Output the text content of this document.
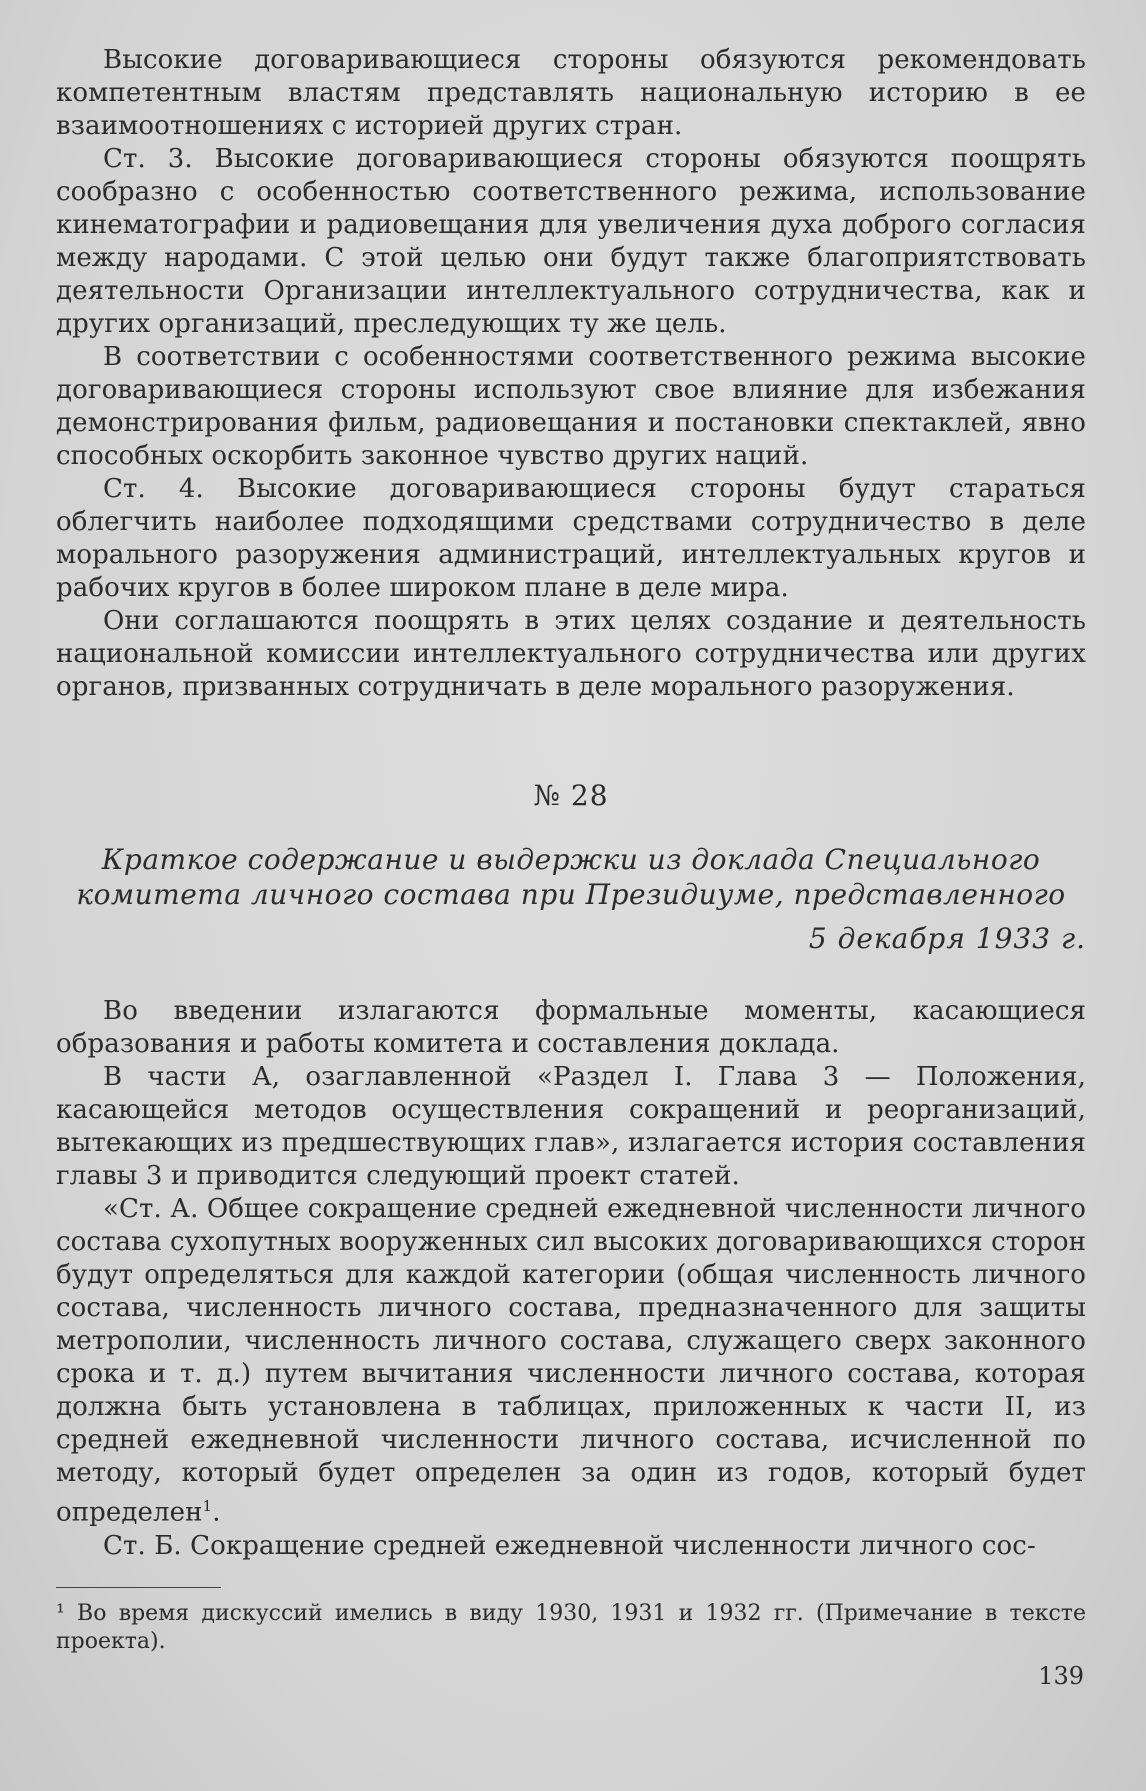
Высокие договаривающиеся стороны обязуются рекомендовать компетентным властям представлять национальную историю в ее взаимоотношениях с историей других стран.

Ст. 3. Высокие договаривающиеся стороны обязуются поощрять сообразно с особенностью соответственного режима, использование кинематографии и радиовещания для увеличения духа доброго согласия между народами. С этой целью они будут также благоприятствовать деятельности Организации интеллектуального сотрудничества, как и других организаций, преследующих ту же цель.

В соответствии с особенностями соответственного режима высокие договаривающиеся стороны используют свое влияние для избежания демонстрирования фильм, радиовещания и постановки спектаклей, явно способных оскорбить законное чувство других наций.

Ст. 4. Высокие договаривающиеся стороны будут стараться облегчить наиболее подходящими средствами сотрудничество в деле морального разоружения администраций, интеллектуальных кругов и рабочих кругов в более широком плане в деле мира.

Они соглашаются поощрять в этих целях создание и деятельность национальной комиссии интеллектуального сотрудничества или других органов, призванных сотрудничать в деле морального разоружения.

№ 28
Краткое содержание и выдержки из доклада Специального комитета личного состава при Президиуме, представленного
5 декабря 1933 г.

Во введении излагаются формальные моменты, касающиеся образования и работы комитета и составления доклада.

В части А, озаглавленной «Раздел I. Глава 3 — Положения, касающейся методов осуществления сокращений и реорганизаций, вытекающих из предшествующих глав», излагается история составления главы 3 и приводится следующий проект статей.

«Ст. А. Общее сокращение средней ежедневной численности личного состава сухопутных вооруженных сил высоких договаривающихся сторон будут определяться для каждой категории (общая численность личного состава, численность личного состава, предназначенного для защиты метрополии, численность личного состава, служащего сверх законного срока и т. д.) путем вычитания численности личного состава, которая должна быть установлена в таблицах, приложенных к части II, из средней ежедневной численности личного состава, исчисленной по методу, который будет определен за один из годов, который будет определен$^1$.

Ст. Б. Сокращение средней ежедневной численности личного сос-

¹ Во время дискуссий имелись в виду 1930, 1931 и 1932 гг. (Примечание в тексте проекта).

139
